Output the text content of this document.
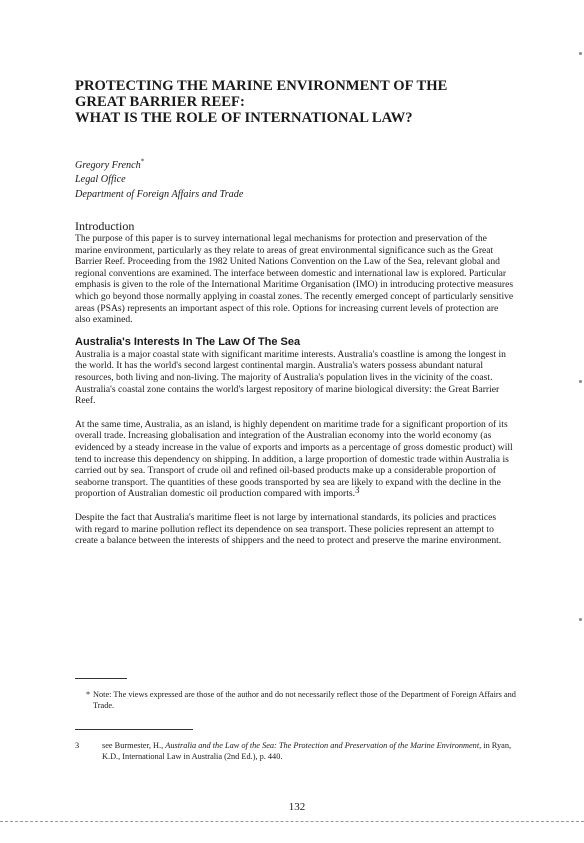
PROTECTING THE MARINE ENVIRONMENT OF THE
GREAT BARRIER REEF:
WHAT IS THE ROLE OF INTERNATIONAL LAW?
Gregory French*
Legal Office
Department of Foreign Affairs and Trade
Introduction

The purpose of this paper is to survey international legal mechanisms for protection and preservation of the marine environment, particularly as they relate to areas of great environmental significance such as the Great Barrier Reef. Proceeding from the 1982 United Nations Convention on the Law of the Sea, relevant global and regional conventions are examined. The interface between domestic and international law is explored. Particular emphasis is given to the role of the International Maritime Organisation (IMO) in introducing protective measures which go beyond those normally applying in coastal zones. The recently emerged concept of particularly sensitive areas (PSAs) represents an important aspect of this role. Options for increasing current levels of protection are also examined.

Australia's Interests In The Law Of The Sea

Australia is a major coastal state with significant maritime interests. Australia's coastline is among the longest in the world. It has the world's second largest continental margin. Australia's waters possess abundant natural resources, both living and non-living. The majority of Australia's population lives in the vicinity of the coast. Australia's coastal zone contains the world's largest repository of marine biological diversity: the Great Barrier Reef.

At the same time, Australia, as an island, is highly dependent on maritime trade for a significant proportion of its overall trade. Increasing globalisation and integration of the Australian economy into the world economy (as evidenced by a steady increase in the value of exports and imports as a percentage of gross domestic product) will tend to increase this dependency on shipping. In addition, a large proportion of domestic trade within Australia is carried out by sea. Transport of crude oil and refined oil-based products make up a considerable proportion of seaborne transport. The quantities of these goods transported by sea are likely to expand with the decline in the proportion of Australian domestic oil production compared with imports.3

Despite the fact that Australia's maritime fleet is not large by international standards, its policies and practices with regard to marine pollution reflect its dependence on sea transport. These policies represent an attempt to create a balance between the interests of shippers and the need to protect and preserve the marine environment.

* Note: The views expressed are those of the author and do not necessarily reflect those of the Department of Foreign Affairs and Trade.
3	see Burmester, H., Australia and the Law of the Sea: The Protection and Preservation of the Marine Environment, in Ryan, K.D., International Law in Australia (2nd Ed.), p. 440.
132
